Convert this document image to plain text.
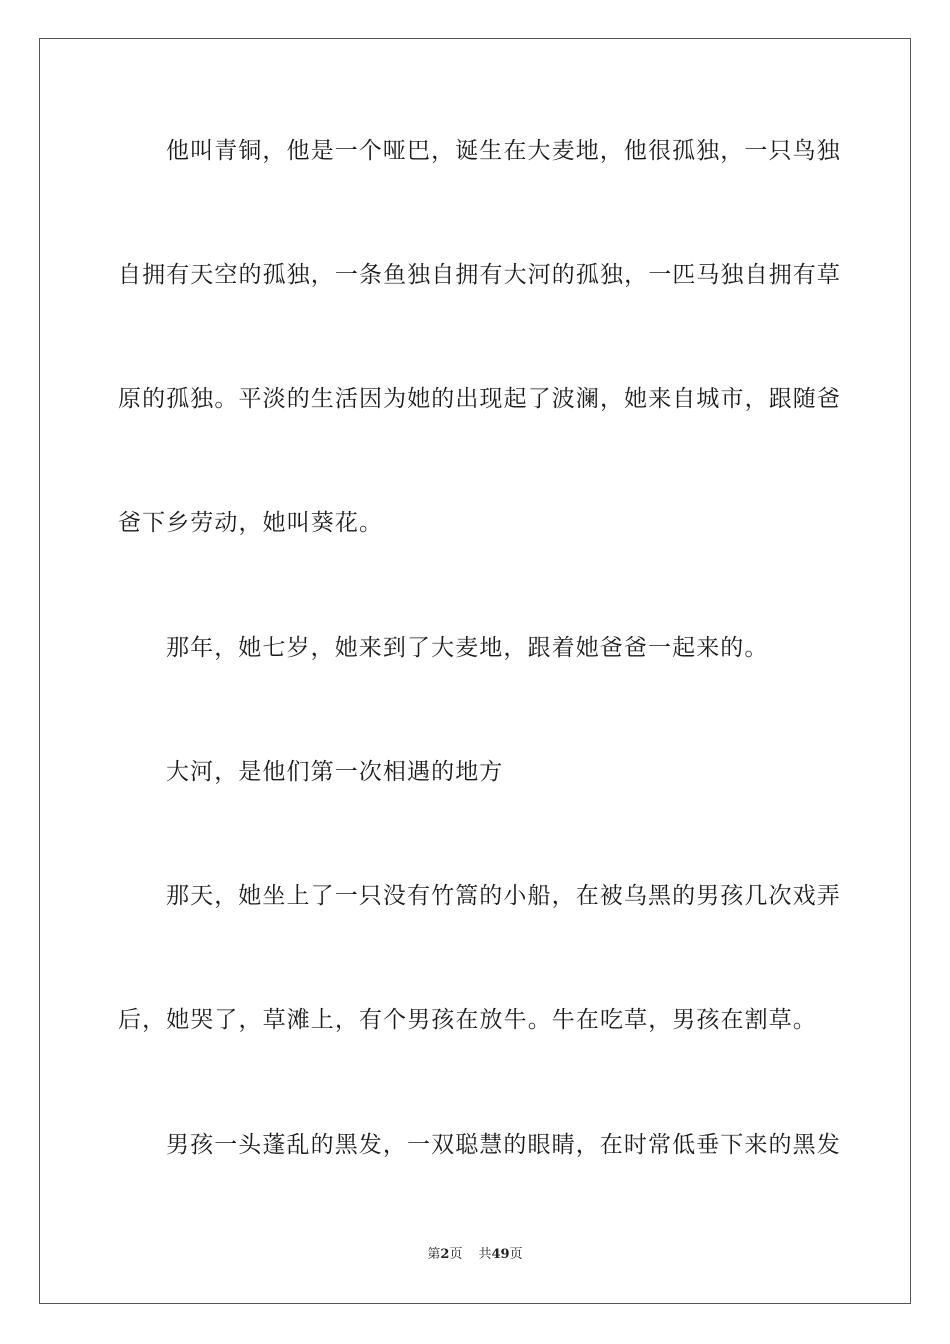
他叫青铜，他是一个哑巴，诞生在大麦地，他很孤独，一只鸟独
自拥有天空的孤独，一条鱼独自拥有大河的孤独，一匹马独自拥有草
原的孤独。平淡的生活因为她的出现起了波澜，她来自城市，跟随爸
爸下乡劳动，她叫葵花。
那年，她七岁，她来到了大麦地，跟着她爸爸一起来的。
大河，是他们第一次相遇的地方
那天，她坐上了一只没有竹篙的小船，在被乌黑的男孩几次戏弄
后，她哭了，草滩上，有个男孩在放牛。牛在吃草，男孩在割草。
男孩一头蓬乱的黑发，一双聪慧的眼睛，在时常低垂下来的黑发
第2页 共49页
